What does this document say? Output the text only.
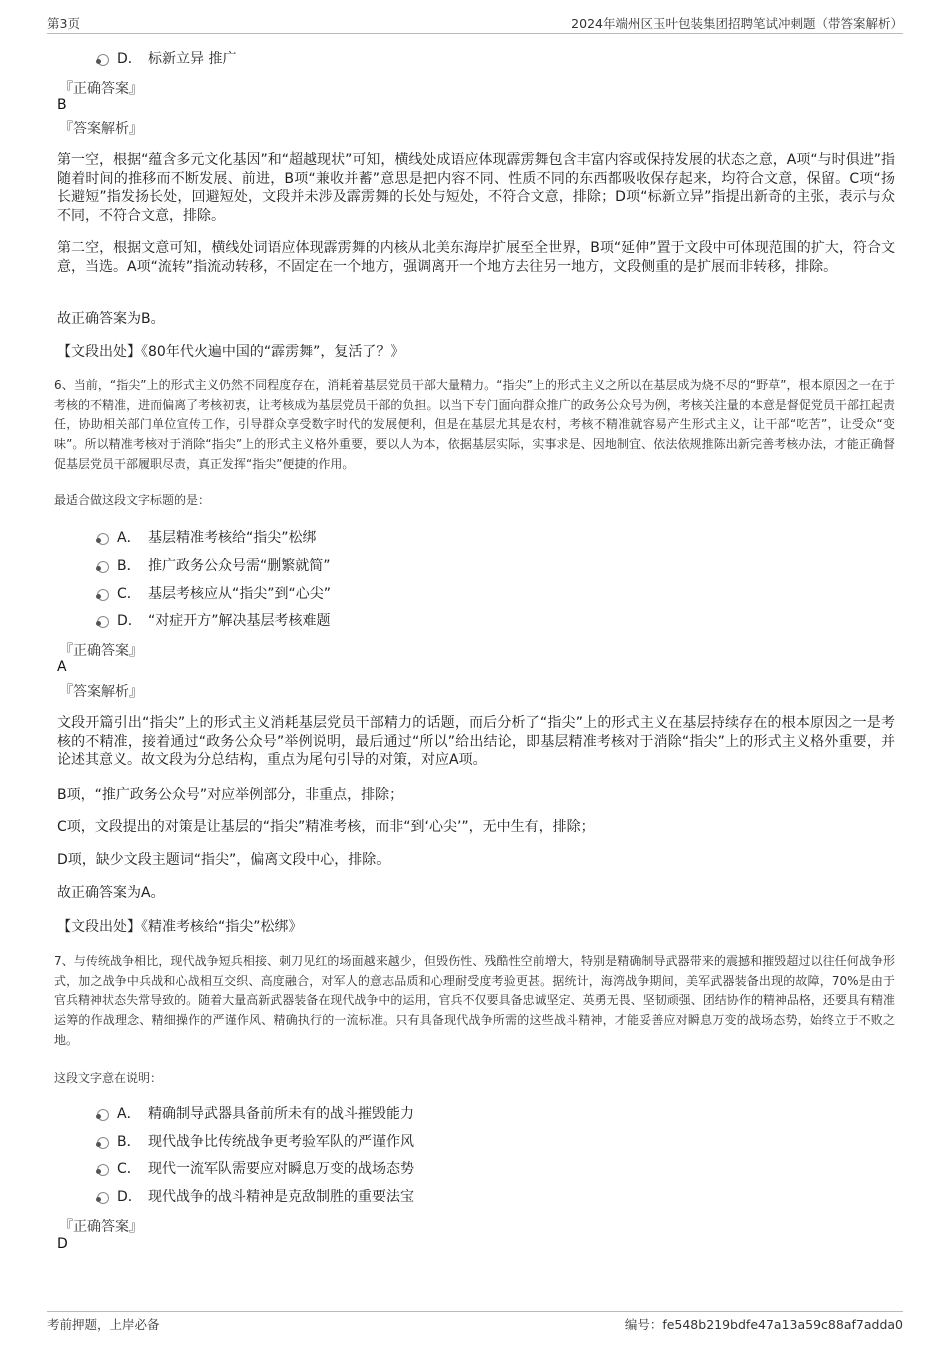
第3页	2024年端州区玉叶包装集团招聘笔试冲刺题（带答案解析）
D． 标新立异 推广
『正确答案』
B
『答案解析』
第一空，根据“蕴含多元文化基因”和“超越现状”可知，横线处成语应体现霹雳舞包含丰富内容或保持发展的状态之意，A项“与时俱进”指随着时间的推移而不断发展、前进，B项“兼收并蓄”意思是把内容不同、性质不同的东西都吸收保存起来，均符合文意，保留。C项“扬长避短”指发扬长处，回避短处，文段并未涉及霹雳舞的长处与短处，不符合文意，排除；D项“标新立异”指提出新奇的主张，表示与众不同，不符合文意，排除。
第二空，根据文意可知，横线处词语应体现霹雳舞的内核从北美东海岸扩展至全世界，B项“延伸”置于文段中可体现范围的扩大，符合文意，当选。A项“流转”指流动转移，不固定在一个地方，强调离开一个地方去往另一地方，文段侧重的是扩展而非转移，排除。
故正确答案为B。
【文段出处】《80年代火遍中国的“霹雳舞”，复活了？》
6、当前，“指尖”上的形式主义仍然不同程度存在，消耗着基层党员干部大量精力。“指尖”上的形式主义之所以在基层成为烧不尽的“野草”，根本原因之一在于考核的不精准，进而偏离了考核初衷，让考核成为基层党员干部的负担。以当下专门面向群众推广的政务公众号为例，考核关注量的本意是督促党员干部扛起责任，协助相关部门单位宣传工作，引导群众享受数字时代的发展便利，但是在基层尤其是农村，考核不精准就容易产生形式主义，让干部“吃苦”，让受众“变味”。所以精准考核对于消除“指尖”上的形式主义格外重要，要以人为本，依据基层实际，实事求是、因地制宜、依法依规推陈出新完善考核办法，才能正确督促基层党员干部履职尽责，真正发挥“指尖”便捷的作用。
最适合做这段文字标题的是：
A． 基层精准考核给“指尖”松绑
B． 推广政务公众号需“删繁就简”
C． 基层考核应从“指尖”到“心尖”
D． “对症开方”解决基层考核难题
『正确答案』
A
『答案解析』
文段开篇引出“指尖”上的形式主义消耗基层党员干部精力的话题，而后分析了“指尖”上的形式主义在基层持续存在的根本原因之一是考核的不精准，接着通过“政务公众号”举例说明，最后通过“所以”给出结论，即基层精准考核对于消除“指尖”上的形式主义格外重要，并论述其意义。故文段为分总结构，重点为尾句引导的对策，对应A项。
B项，“推广政务公众号”对应举例部分，非重点，排除；
C项，文段提出的对策是让基层的“指尖”精准考核，而非“到‘心尖’”，无中生有，排除；
D项，缺少文段主题词“指尖”，偏离文段中心，排除。
故正确答案为A。
【文段出处】《精准考核给“指尖”松绑》
7、与传统战争相比，现代战争短兵相接、刺刀见红的场面越来越少，但毁伤性、残酷性空前增大，特别是精确制导武器带来的震撼和摧毁超过以往任何战争形式，加之战争中兵战和心战相互交织、高度融合，对军人的意志品质和心理耐受度考验更甚。据统计，海湾战争期间，美军武器装备出现的故障，70%是由于官兵精神状态失常导致的。随着大量高新武器装备在现代战争中的运用，官兵不仅要具备忠诚坚定、英勇无畏、坚韧顽强、团结协作的精神品格，还要具有精准运筹的作战理念、精细操作的严谨作风、精确执行的一流标准。只有具备现代战争所需的这些战斗精神，才能妥善应对瞬息万变的战场态势，始终立于不败之地。
这段文字意在说明：
A． 精确制导武器具备前所未有的战斗摧毁能力
B． 现代战争比传统战争更考验军队的严谨作风
C． 现代一流军队需要应对瞬息万变的战场态势
D． 现代战争的战斗精神是克敌制胜的重要法宝
『正确答案』
D
考前押题，上岸必备	编号：fe548b219bdfe47a13a59c88af7adda0
